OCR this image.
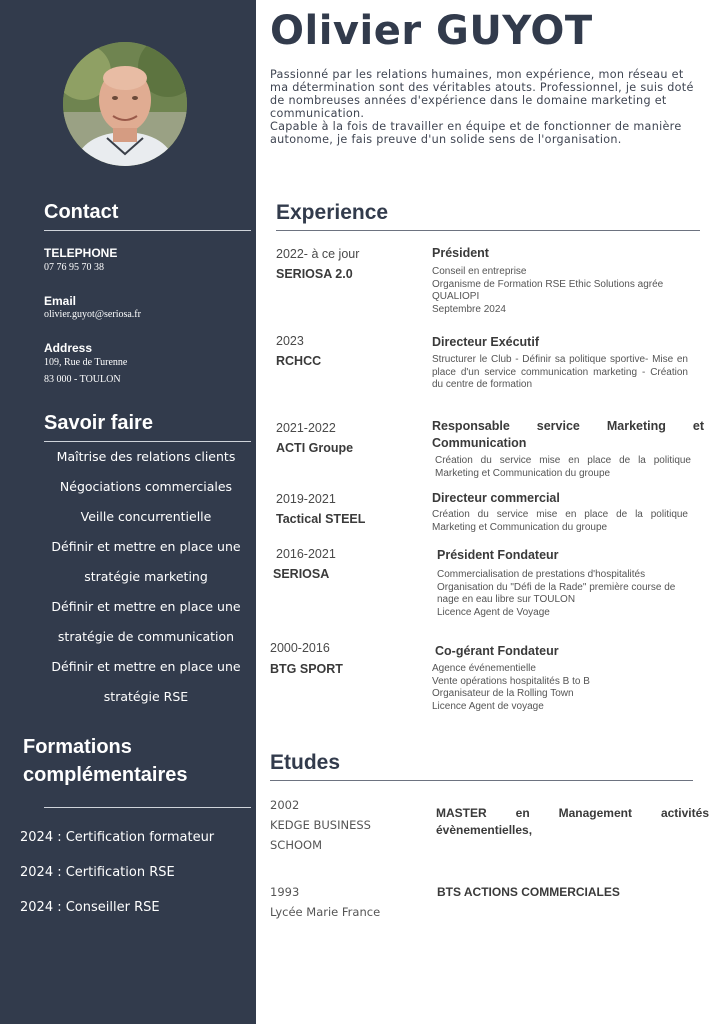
Contact
TELEPHONE
07 76 95 70 38
Email
olivier.guyot@seriosa.fr
Address
109, Rue de Turenne
83 000 - TOULON
Savoir faire
Maîtrise des relations clients
Négociations commerciales
Veille concurrentielle
Définir et mettre en place une
stratégie marketing
Définir et mettre en place une
stratégie de communication
Définir et mettre en place une
stratégie RSE
Formations
complémentaires
2024 : Certification formateur
2024 : Certification RSE
2024 : Conseiller RSE
Olivier GUYOT
Passionné par les relations humaines, mon expérience, mon réseau et ma détermination sont des véritables atouts. Professionnel, je suis doté de nombreuses années d'expérience dans le domaine marketing et communication.
Capable à la fois de travailler en équipe et de fonctionner de manière autonome, je fais preuve d'un solide sens de l'organisation.
Experience
2022- à ce jour
SERIOSA 2.0
Président
Conseil en entreprise
Organisme de Formation RSE Ethic Solutions agrée QUALIOPI
Septembre 2024
2023
RCHCC
Directeur Exécutif
Structurer le Club - Définir sa politique sportive- Mise en place d'un service communication marketing - Création du centre de formation
2021-2022
ACTI Groupe
Responsable service Marketing et Communication
Création du service mise en place de la politique Marketing et Communication du groupe
2019-2021
Tactical STEEL
Directeur commercial
Création du service mise en place de la politique Marketing et Communication du groupe
2016-2021
SERIOSA
Président Fondateur
Commercialisation de prestations d'hospitalités
Organisation du "Défi de la Rade" première course de nage en eau libre sur TOULON
Licence Agent de Voyage
2000-2016
BTG SPORT
Co-gérant Fondateur
Agence événementielle
Vente opérations hospitalités B to B
Organisateur de la Rolling Town
Licence Agent de voyage
Etudes
2002
KEDGE BUSINESS SCHOOM
MASTER en Management activités évènementielles,
1993
Lycée Marie France
BTS ACTIONS COMMERCIALES
